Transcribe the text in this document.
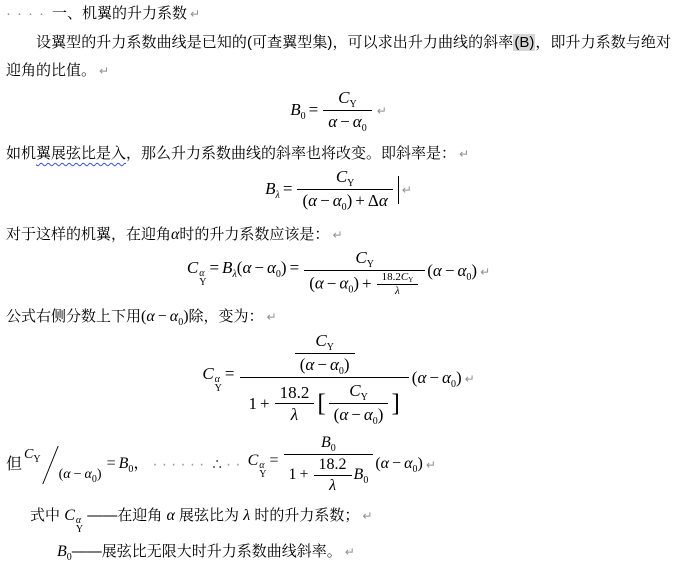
···· 一、机翼的升力系数 ↵
设翼型的升力系数曲线是已知的(可查翼型集)，可以求出升力曲线的斜率(B)，即升力系数与绝对迎角的比值。 ↵
$B_0 = \frac{C_Y}{\alpha - \alpha_0}$ ↵
如机翼展弦比是入，那么升力系数曲线的斜率也将改变。即斜率是： ↵
$B_\lambda = \frac{C_Y}{(\alpha - \alpha_0) + \Delta\alpha}$ ↵
对于这样的机翼，在迎角α时的升力系数应该是： ↵
C α
Y
= $B_\lambda(\alpha - \alpha_0) = \frac{C_Y}{(\alpha - \alpha_0) + \frac{18.2C_Y}{\lambda}} (\alpha - \alpha_0)$ ↵
公式右侧分数上下用$(\alpha - \alpha_0)$除，变为： ↵
C α
Y
=	$\frac{C_Y}{(\alpha - \alpha_0)}$
$1 + \frac{18.2}{\lambda}$ [ $\frac{C_Y}{(\alpha - \alpha_0)}$ ]
$(\alpha - \alpha_0)$ ↵
但
$C_Y$
$(\alpha - \alpha_0)$
= $B_0$， ······ ∴ ·· C α
Y
= $\frac{B_0}{1 + \frac{18.2}{\lambda} B_0} (\alpha - \alpha_0)$ ↵
式中 C α
Y
——在迎角 α 展弦比为 λ 时的升力系数； ↵
$B_0——$展弦比无限大时升力系数曲线斜率。 ↵
